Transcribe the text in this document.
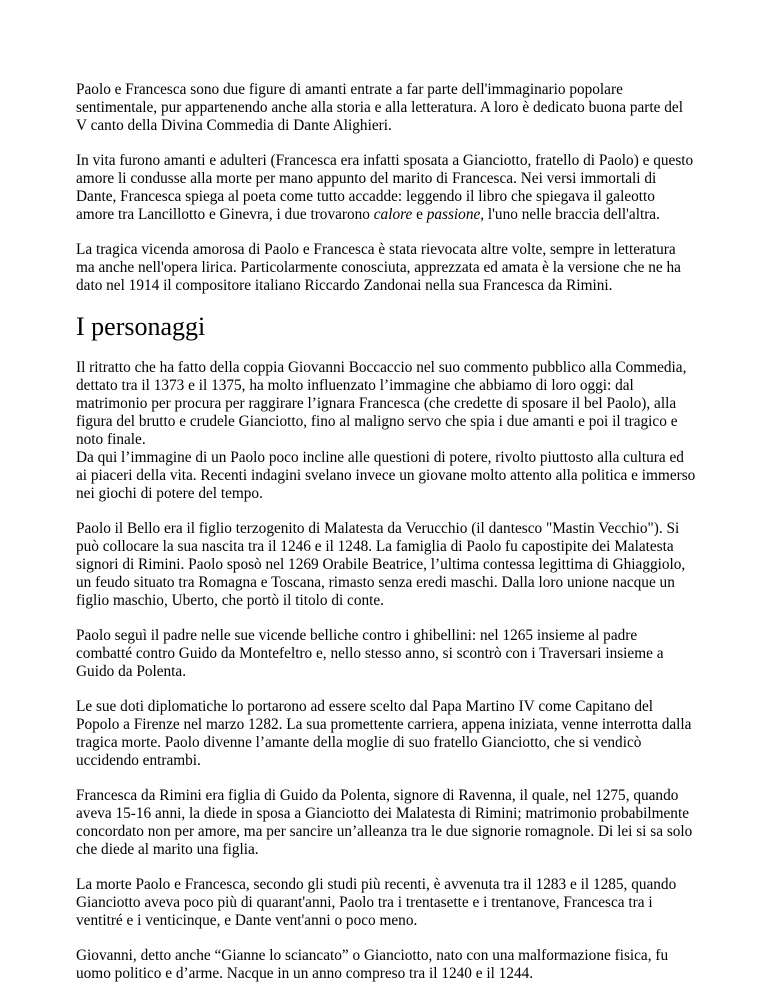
Paolo e Francesca sono due figure di amanti entrate a far parte dell'immaginario popolare sentimentale, pur appartenendo anche alla storia e alla letteratura. A loro è dedicato buona parte del V canto della Divina Commedia di Dante Alighieri.

In vita furono amanti e adulteri (Francesca era infatti sposata a Gianciotto, fratello di Paolo) e questo amore li condusse alla morte per mano appunto del marito di Francesca. Nei versi immortali di Dante, Francesca spiega al poeta come tutto accadde: leggendo il libro che spiegava il galeotto amore tra Lancillotto e Ginevra, i due trovarono calore e passione, l'uno nelle braccia dell'altra.

La tragica vicenda amorosa di Paolo e Francesca è stata rievocata altre volte, sempre in letteratura ma anche nell'opera lirica. Particolarmente conosciuta, apprezzata ed amata è la versione che ne ha dato nel 1914 il compositore italiano Riccardo Zandonai nella sua Francesca da Rimini.

I personaggi

Il ritratto che ha fatto della coppia Giovanni Boccaccio nel suo commento pubblico alla Commedia, dettato tra il 1373 e il 1375, ha molto influenzato l’immagine che abbiamo di loro oggi: dal matrimonio per procura per raggirare l’ignara Francesca (che credette di sposare il bel Paolo), alla figura del brutto e crudele Gianciotto, fino al maligno servo che spia i due amanti e poi il tragico e noto finale.
Da qui l’immagine di un Paolo poco incline alle questioni di potere, rivolto piuttosto alla cultura ed ai piaceri della vita. Recenti indagini svelano invece un giovane molto attento alla politica e immerso nei giochi di potere del tempo.

Paolo il Bello era il figlio terzogenito di Malatesta da Verucchio (il dantesco "Mastin Vecchio"). Si può collocare la sua nascita tra il 1246 e il 1248. La famiglia di Paolo fu capostipite dei Malatesta signori di Rimini. Paolo sposò nel 1269 Orabile Beatrice, l’ultima contessa legittima di Ghiaggiolo, un feudo situato tra Romagna e Toscana, rimasto senza eredi maschi. Dalla loro unione nacque un figlio maschio, Uberto, che portò il titolo di conte.

Paolo seguì il padre nelle sue vicende belliche contro i ghibellini: nel 1265 insieme al padre combatté contro Guido da Montefeltro e, nello stesso anno, si scontrò con i Traversari insieme a Guido da Polenta.

Le sue doti diplomatiche lo portarono ad essere scelto dal Papa Martino IV come Capitano del Popolo a Firenze nel marzo 1282. La sua promettente carriera, appena iniziata, venne interrotta dalla tragica morte. Paolo divenne l’amante della moglie di suo fratello Gianciotto, che si vendicò uccidendo entrambi.

Francesca da Rimini era figlia di Guido da Polenta, signore di Ravenna, il quale, nel 1275, quando aveva 15-16 anni, la diede in sposa a Gianciotto dei Malatesta di Rimini; matrimonio probabilmente concordato non per amore, ma per sancire un’alleanza tra le due signorie romagnole. Di lei si sa solo che diede al marito una figlia.

La morte Paolo e Francesca, secondo gli studi più recenti, è avvenuta tra il 1283 e il 1285, quando Gianciotto aveva poco più di quarant'anni, Paolo tra i trentasette e i trentanove, Francesca tra i ventitré e i venticinque, e Dante vent'anni o poco meno.

Giovanni, detto anche “Gianne lo sciancato” o Gianciotto, nato con una malformazione fisica, fu uomo politico e d’arme. Nacque in un anno compreso tra il 1240 e il 1244.
